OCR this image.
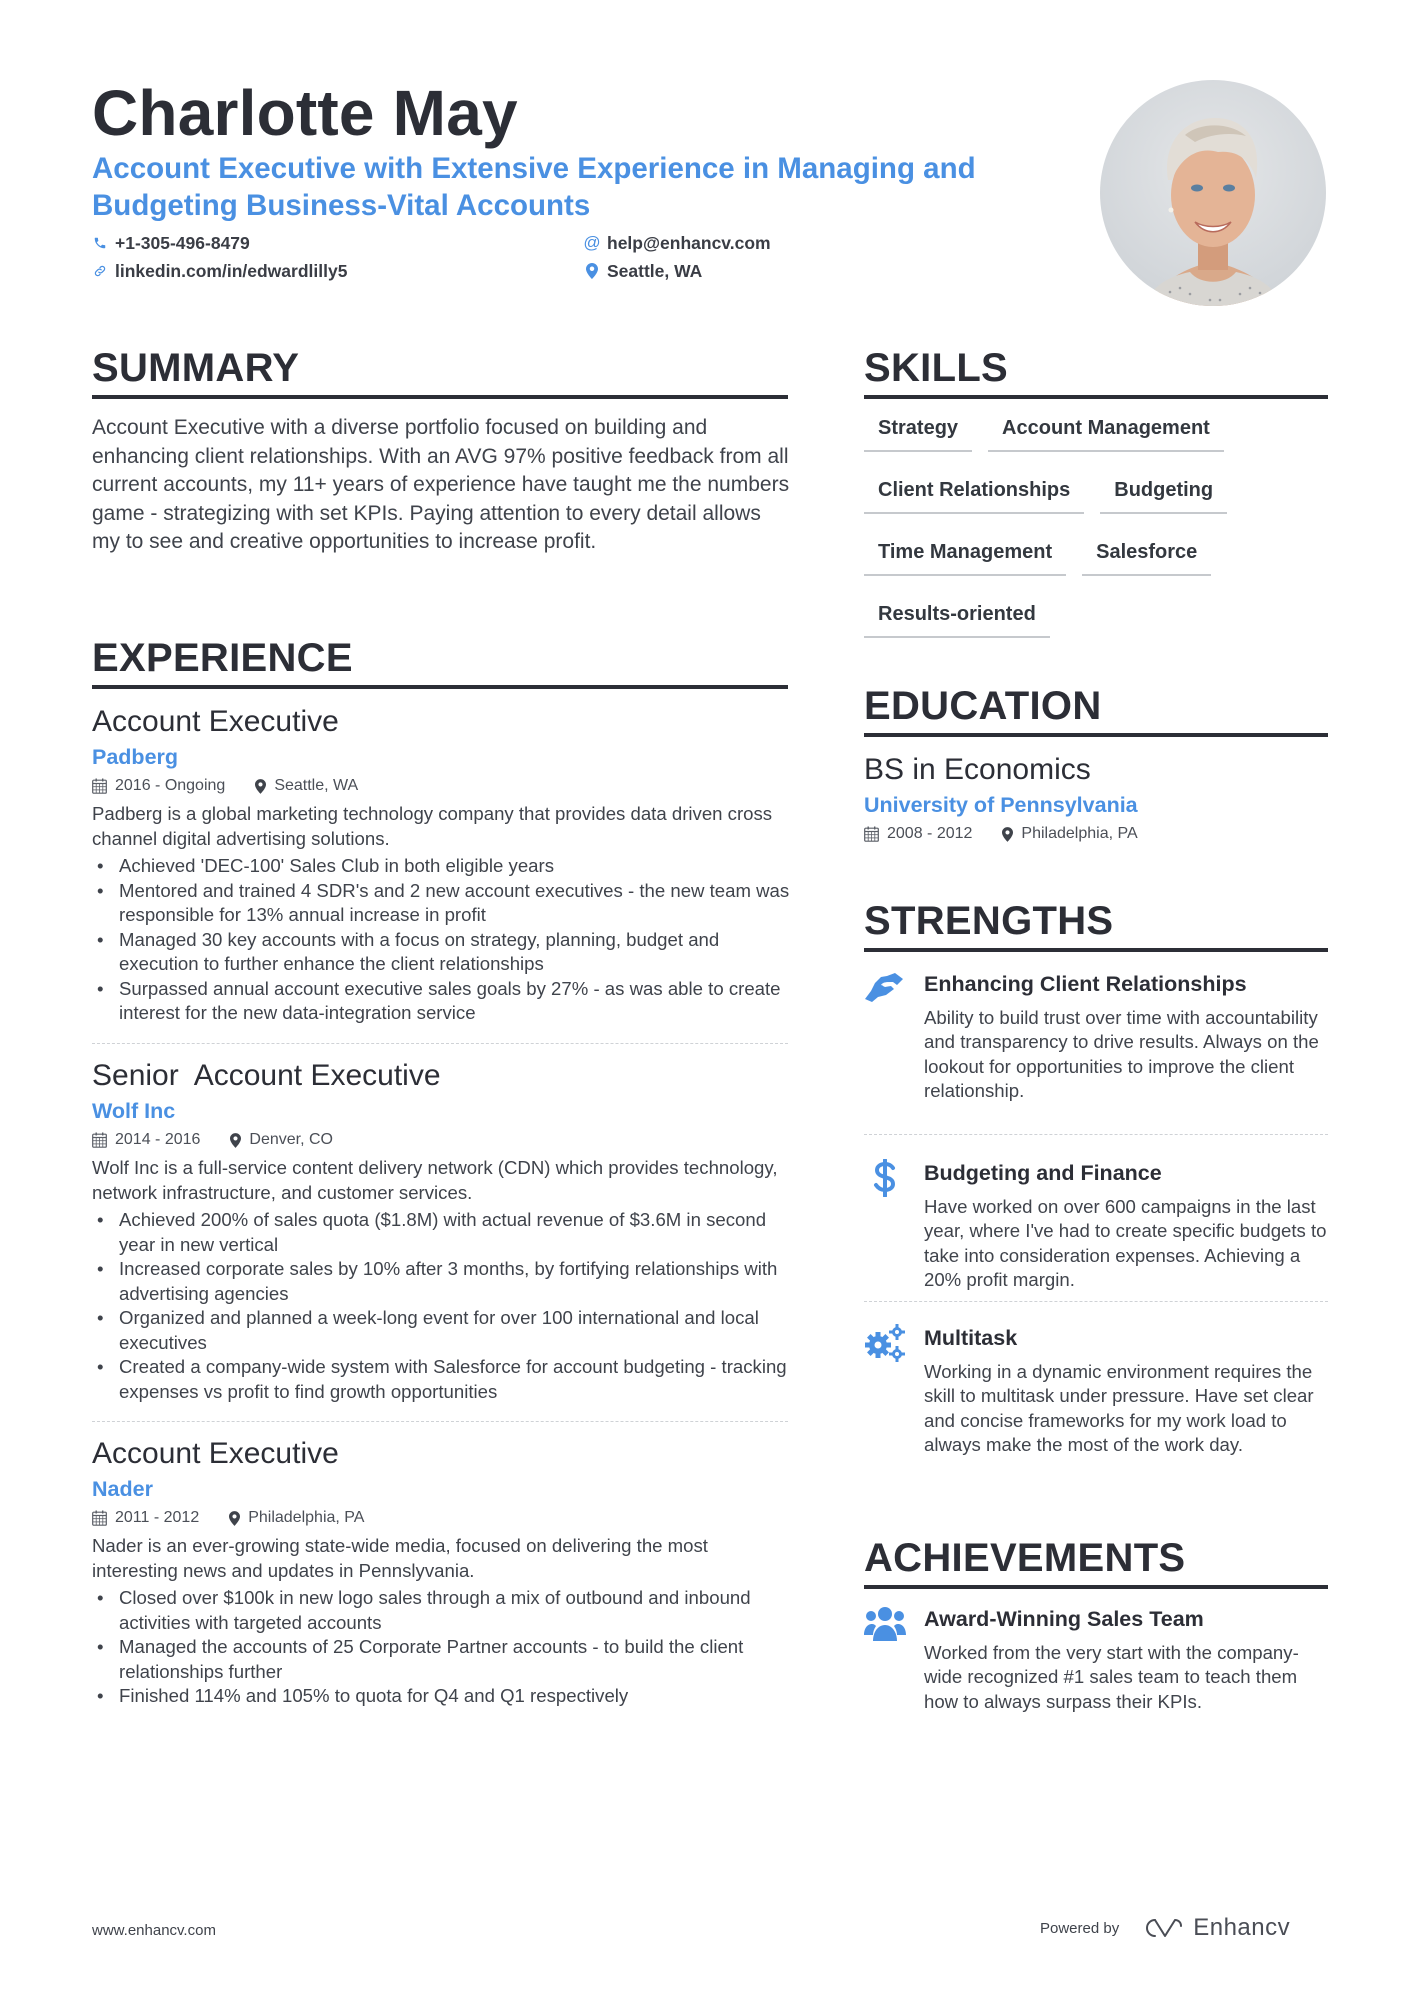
Charlotte May
Account Executive with Extensive Experience in Managing and Budgeting Business-Vital Accounts
+1-305-496-8479	@ help@enhancv.com
linkedin.com/in/edwardlilly5	Seattle, WA
SUMMARY
Account Executive with a diverse portfolio focused on building and enhancing client relationships. With an AVG 97% positive feedback from all current accounts, my 11+ years of experience have taught me the numbers game - strategizing with set KPIs. Paying attention to every detail allows my to see and creative opportunities to increase profit.
EXPERIENCE
Account Executive
Padberg
2016 - Ongoing	Seattle, WA
Padberg is a global marketing technology company that provides data driven cross channel digital advertising solutions.
• Achieved 'DEC-100' Sales Club in both eligible years
• Mentored and trained 4 SDR's and 2 new account executives - the new team was responsible for 13% annual increase in profit
• Managed 30 key accounts with a focus on strategy, planning, budget and execution to further enhance the client relationships
• Surpassed annual account executive sales goals by 27% - as was able to create interest for the new data-integration service
Senior  Account Executive
Wolf Inc
2014 - 2016	Denver, CO
Wolf Inc is a full-service content delivery network (CDN) which provides technology, network infrastructure, and customer services.
• Achieved 200% of sales quota ($1.8M) with actual revenue of $3.6M in second year in new vertical
• Increased corporate sales by 10% after 3 months, by fortifying relationships with advertising agencies
• Organized and planned a week-long event for over 100 international and local executives
• Created a company-wide system with Salesforce for account budgeting - tracking expenses vs profit to find growth opportunities
Account Executive
Nader
2011 - 2012	Philadelphia, PA
Nader is an ever-growing state-wide media, focused on delivering the most interesting news and updates in Pennslyvania.
• Closed over $100k in new logo sales through a mix of outbound and inbound activities with targeted accounts
• Managed the accounts of 25 Corporate Partner accounts - to build the client relationships further
• Finished 114% and 105% to quota for Q4 and Q1 respectively
SKILLS
Strategy	Account Management
Client Relationships	Budgeting
Time Management	Salesforce
Results-oriented
EDUCATION
BS in Economics
University of Pennsylvania
2008 - 2012	Philadelphia, PA
STRENGTHS
Enhancing Client Relationships
Ability to build trust over time with accountability and transparency to drive results. Always on the lookout for opportunities to improve the client relationship.
Budgeting and Finance
Have worked on over 600 campaigns in the last year, where I've had to create specific budgets to take into consideration expenses. Achieving a 20% profit margin.
Multitask
Working in a dynamic environment requires the skill to multitask under pressure. Have set clear and concise frameworks for my work load to always make the most of the work day.
ACHIEVEMENTS
Award-Winning Sales Team
Worked from the very start with the company-wide recognized #1 sales team to teach them how to always surpass their KPIs.
www.enhancv.com	Powered by	Enhancv
